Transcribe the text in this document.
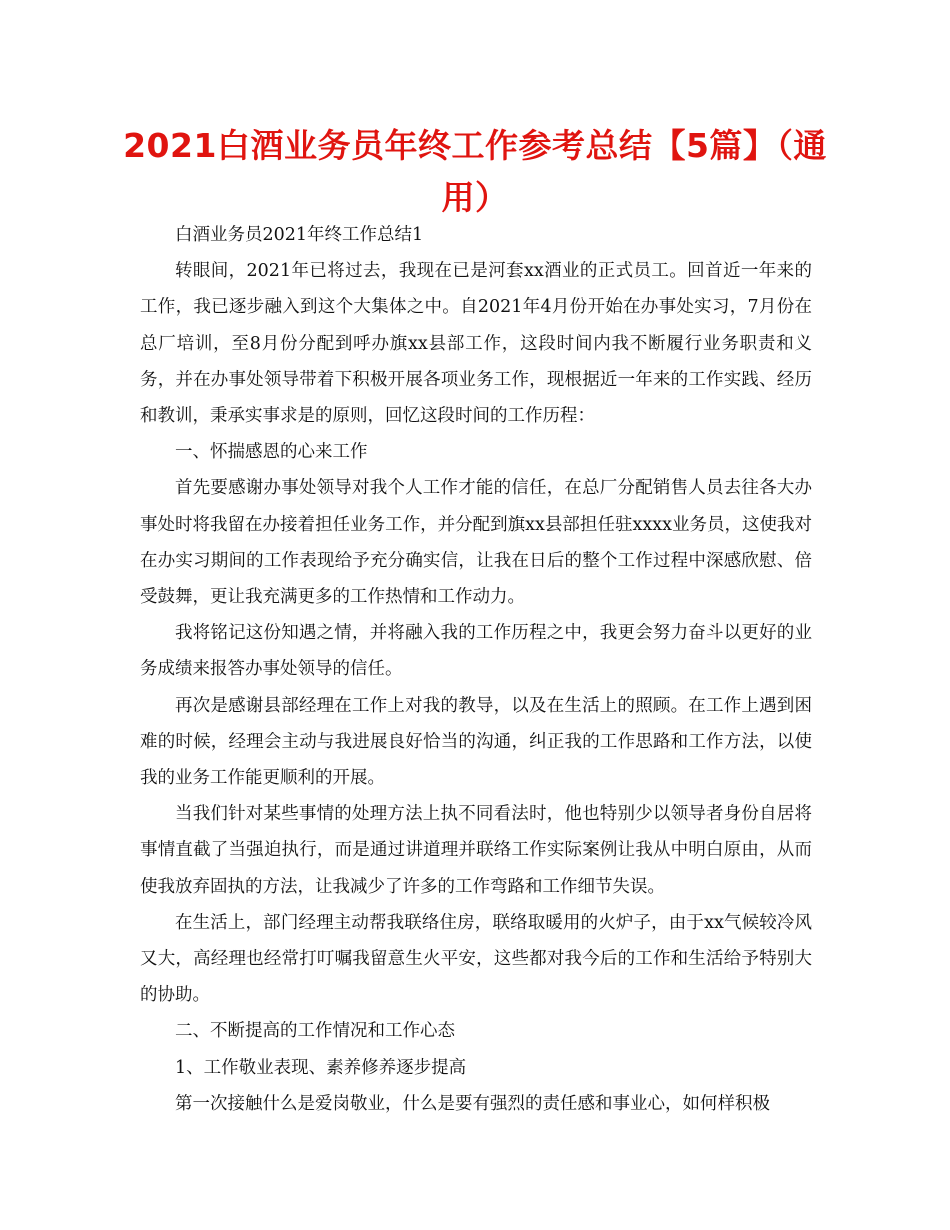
2021白酒业务员年终工作参考总结【5篇】（通用）

白酒业务员2021年终工作总结1

转眼间，2021年已将过去，我现在已是河套xx酒业的正式员工。回首近一年来的工作，我已逐步融入到这个大集体之中。自2021年4月份开始在办事处实习，7月份在总厂培训，至8月份分配到呼办旗xx县部工作，这段时间内我不断履行业务职责和义务，并在办事处领导带着下积极开展各项业务工作，现根据近一年来的工作实践、经历和教训，秉承实事求是的原则，回忆这段时间的工作历程：

一、怀揣感恩的心来工作

首先要感谢办事处领导对我个人工作才能的信任，在总厂分配销售人员去往各大办事处时将我留在办接着担任业务工作，并分配到旗xx县部担任驻xxxx业务员，这使我对在办实习期间的工作表现给予充分确实信，让我在日后的整个工作过程中深感欣慰、倍受鼓舞，更让我充满更多的工作热情和工作动力。

我将铭记这份知遇之情，并将融入我的工作历程之中，我更会努力奋斗以更好的业务成绩来报答办事处领导的信任。

再次是感谢县部经理在工作上对我的教导，以及在生活上的照顾。在工作上遇到困难的时候，经理会主动与我进展良好恰当的沟通，纠正我的工作思路和工作方法，以使我的业务工作能更顺利的开展。

当我们针对某些事情的处理方法上执不同看法时，他也特别少以领导者身份自居将事情直截了当强迫执行，而是通过讲道理并联络工作实际案例让我从中明白原由，从而使我放弃固执的方法，让我减少了许多的工作弯路和工作细节失误。

在生活上，部门经理主动帮我联络住房，联络取暖用的火炉子，由于xx气候较冷风又大，高经理也经常打叮嘱我留意生火平安，这些都对我今后的工作和生活给予特别大的协助。

二、不断提高的工作情况和工作心态

1、工作敬业表现、素养修养逐步提高

第一次接触什么是爱岗敬业，什么是要有强烈的责任感和事业心，如何样积极
